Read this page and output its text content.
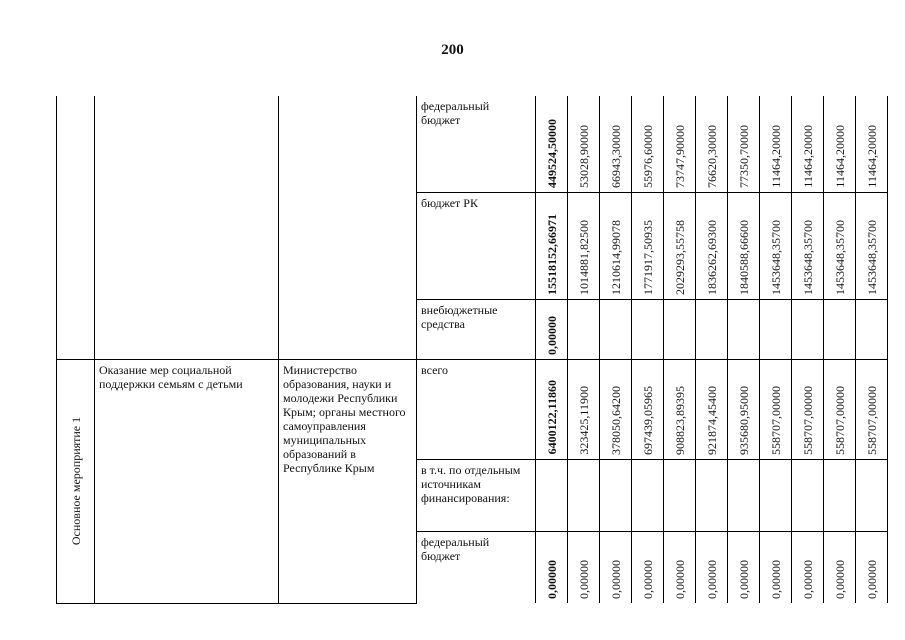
200

			федеральный бюджет	449524,50000	53028,90000	66943,30000	55976,60000	73747,90000	76620,30000	77350,70000	11464,20000	11464,20000	11464,20000	11464,20000

			бюджет РК	15518152,66971	1014881,82500	1210614,99078	1771917,50935	2029293,55758	1836262,69300	1840588,66600	1453648,35700	1453648,35700	1453648,35700	1453648,35700

			внебюджетные средства	0,00000										

Основное мероприятие 1	Оказание мер социальной поддержки семьям с детьми	Министерство образования, науки и молодежи Республики Крым; органы местного самоуправления муниципальных образований в Республике Крым	всего	6400122,11860	323425,11900	378050,64200	697439,05965	908823,89395	921874,45400	935680,95000	558707,00000	558707,00000	558707,00000	558707,00000

			в т.ч. по отдельным источникам финансирования:											

			федеральный бюджет	0,00000	0,00000	0,00000	0,00000	0,00000	0,00000	0,00000	0,00000	0,00000	0,00000	0,00000
